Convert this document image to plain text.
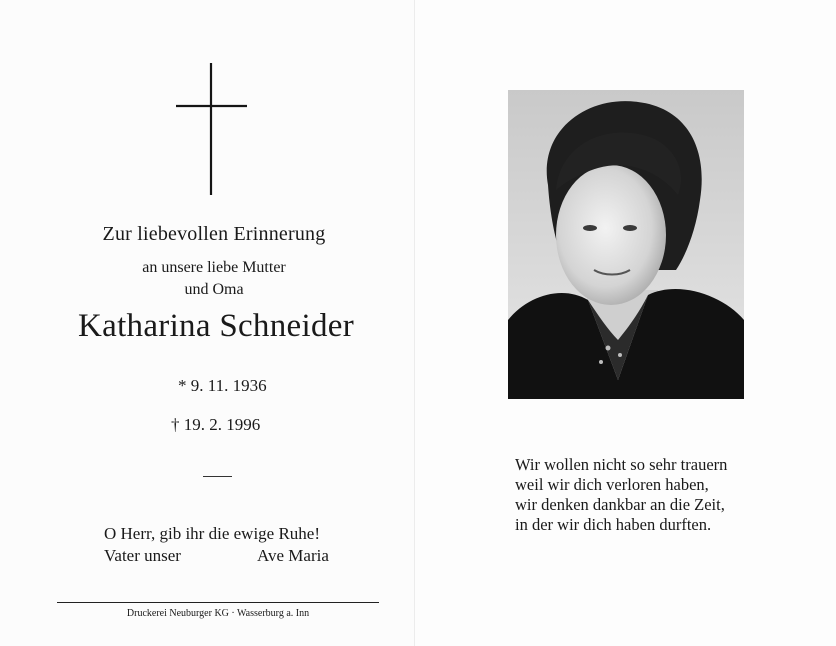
Zur liebevollen Erinnerung
an unsere liebe Mutter
und Oma
Katharina Schneider
* 9. 11. 1936
† 19. 2. 1996
O Herr, gib ihr die ewige Ruhe!
Vater unser	Ave Maria
Druckerei Neuburger KG · Wasserburg a. Inn
Wir wollen nicht so sehr trauern
weil wir dich verloren haben,
wir denken dankbar an die Zeit,
in der wir dich haben durften.
